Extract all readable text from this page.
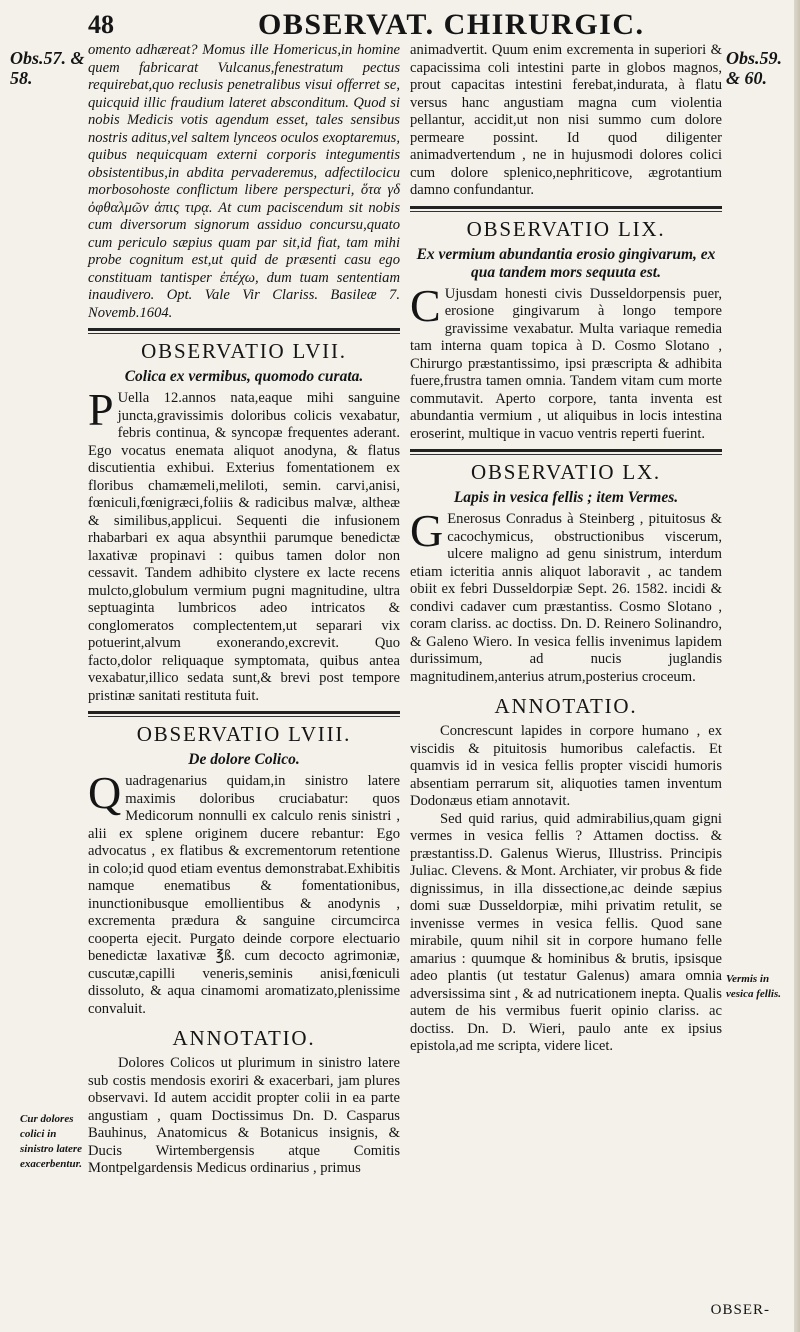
48	OBSERVAT. CHIRURGIC.
Obs.57. & 58.
Obs.59. & 60.
Cur dolores colici in sinistro latere exacerbentur.
Vermis in vesica fellis.

omento adhæreat? Momus ille Homericus,in homine quem fabricarat Vulcanus,fenestratum pectus requirebat,quo reclusis penetralibus visui offerret se, quicquid illic fraudium lateret absconditum. Quod si nobis Medicis votis agendum esset, tales sensibus nostris aditus,vel saltem lynceos oculos exoptaremus, quibus nequicquam externi corporis integumentis obsistentibus,in abdita pervaderemus, adfectilocicu morbosohoste conflictum libere perspecturi, ὅτα γδ ὀφθαλμῶν ἀπις τιρᾳ. At cum paciscendum sit nobis cum diversorum signorum assiduo concursu,quato cum periculo sæpius quam par sit,id fiat, tam mihi probe cognitum est,ut quid de præsenti casu ego constituam tantisper ἐπέχω, dum tuam sententiam inaudivero. Opt. Vale Vir Clariss. Basileæ 7. Novemb.1604.

OBSERVATIO LVII.
Colica ex vermibus, quomodo curata.

P Uella 12.annos nata,eaque mihi sanguine juncta,gravissimis doloribus colicis vexabatur, febris continua, & syncopæ frequentes aderant. Ego vocatus enemata aliquot anodyna, & flatus discutientia exhibui. Exterius fomentationem ex floribus chamæmeli,meliloti, semin. carvi,anisi, fœniculi,fœnigræci,foliis & radicibus malvæ, altheæ & similibus,applicui. Sequenti die infusionem rhabarbari ex aqua absynthii parumque benedictæ laxativæ propinavi : quibus tamen dolor non cessavit. Tandem adhibito clystere ex lacte recens mulcto,globulum vermium pugni magnitudine, ultra septuaginta lumbricos adeo intricatos & conglomeratos complectentem,ut separari vix potuerint,alvum exonerando,excrevit. Quo facto,dolor reliquaque symptomata, quibus antea vexabatur,illico sedata sunt,& brevi post tempore pristinæ sanitati restituta fuit.

OBSERVATIO LVIII.
De dolore Colico.

Quadragenarius quidam,in sinistro latere maximis doloribus cruciabatur: quos Medicorum nonnulli ex calculo renis sinistri , alii ex splene originem ducere rebantur: Ego advocatus , ex flatibus & excrementorum retentione in colo;id quod etiam eventus demonstrabat.Exhibitis namque enematibus & fomentationibus, inunctionibusque emollientibus & anodynis , excrementa prædura & sanguine circumcirca cooperta ejecit. Purgato deinde corpore electuario benedictæ laxativæ ℥ß. cum decocto agrimoniæ, cuscutæ,capilli veneris,seminis anisi,fœniculi dissoluto, & aqua cinamomi aromatizato,plenissime convaluit.

ANNOTATIO.

Dolores Colicos ut plurimum in sinistro latere sub costis mendosis exoriri & exacerbari, jam plures observavi. Id autem accidit propter colii in ea parte angustiam , quam Doctissimus Dn. D. Casparus Bauhinus, Anatomicus & Botanicus insignis, & Ducis Wirtembergensis atque Comitis Montpelgardensis Medicus ordinarius , primus

animadvertit. Quum enim excrementa in superiori & capacissima coli intestini parte in globos magnos, prout capacitas intestini ferebat,indurata, à flatu versus hanc angustiam magna cum violentia pellantur, accidit,ut non nisi summo cum dolore permeare possint. Id quod diligenter animadvertendum , ne in hujusmodi dolores colici cum dolore splenico,nephriticove, ægrotantium damno confundantur.

OBSERVATIO LIX.
Ex vermium abundantia erosio gingivarum, ex qua tandem mors sequuta est.

C Ujusdam honesti civis Dusseldorpensis puer, erosione gingivarum à longo tempore gravissime vexabatur. Multa variaque remedia tam interna quam topica à D. Cosmo Slotano , Chirurgo præstantissimo, ipsi præscripta & adhibita fuere,frustra tamen omnia. Tandem vitam cum morte commutavit. Aperto corpore, tanta inventa est abundantia vermium , ut aliquibus in locis intestina eroserint, multique in vacuo ventris reperti fuerint.

OBSERVATIO LX.
Lapis in vesica fellis ; item Vermes.

G Enerosus Conradus à Steinberg , pituitosus & cacochymicus, obstructionibus viscerum, ulcere maligno ad genu sinistrum, interdum etiam icteritia annis aliquot laboravit , ac tandem obiit ex febri Dusseldorpiæ Sept. 26. 1582. incidi & condivi cadaver cum præstantiss. Cosmo Slotano , coram clariss. ac doctiss. Dn. D. Reinero Solinandro, & Galeno Wiero. In vesica fellis invenimus lapidem durissimum, ad nucis juglandis magnitudinem,anterius atrum,posterius croceum.

ANNOTATIO.

Concrescunt lapides in corpore humano , ex viscidis & pituitosis humoribus calefactis. Et quamvis id in vesica fellis propter viscidi humoris absentiam perrarum sit, aliquoties tamen inventum Dodonæus etiam annotavit.

Sed quid rarius, quid admirabilius,quam gigni vermes in vesica fellis ? Attamen doctiss. & præstantiss.D. Galenus Wierus, Illustriss. Principis Juliac. Clevens. & Mont. Archiater, vir probus & fide dignissimus, in illa dissectione,ac deinde sæpius domi suæ Dusseldorpiæ, mihi privatim retulit, se invenisse vermes in vesica fellis. Quod sane mirabile, quum nihil sit in corpore humano felle amarius : quumque & hominibus & brutis, ipsisque adeo plantis (ut testatur Galenus) amara omnia adversissima sint , & ad nutricationem inepta. Qualis autem de his vermibus fuerit opinio clariss. ac doctiss. Dn. D. Wieri, paulo ante ex ipsius epistola,ad me scripta, videre licet.

OBSER-
